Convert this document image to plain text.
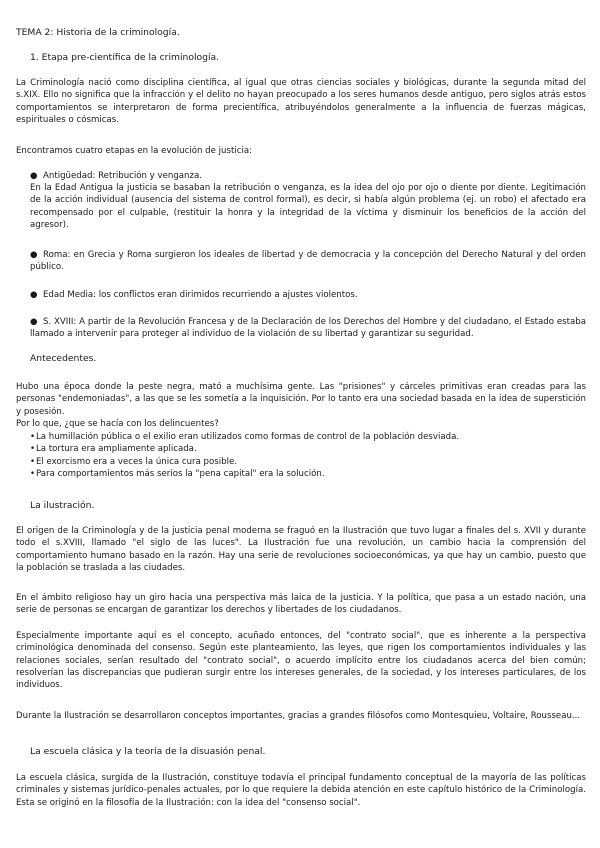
TEMA 2: Historia de la criminología.
1. Etapa pre-científica de la criminología.
La Criminología nació como disciplina científica, al igual que otras ciencias sociales y biológicas, durante la segunda mitad del s.XIX. Ello no significa que la infracción y el delito no hayan preocupado a los seres humanos desde antiguo, pero siglos atrás estos comportamientos se interpretaron de forma precientífica, atribuyéndolos generalmente a la influencia de fuerzas mágicas, espirituales o cósmicas.
Encontramos cuatro etapas en la evolución de justicia:
● Antigüedad: Retribución y venganza.
En la Edad Antigua la justicia se basaban la retribución o venganza, es la idea del ojo por ojo o diente por diente. Legitimación de la acción individual (ausencia del sistema de control formal), es decir, si había algún problema (ej. un robo) el afectado era recompensado por el culpable, (restituir la honra y la integridad de la víctima y disminuir los beneficios de la acción del agresor).
● Roma: en Grecia y Roma surgieron los ideales de libertad y de democracia y la concepción del Derecho Natural y del orden público.
● Edad Media: los conflictos eran dirimidos recurriendo a ajustes violentos.
● S. XVIII: A partir de la Revolución Francesa y de la Declaración de los Derechos del Hombre y del ciudadano, el Estado estaba llamado a intervenir para proteger al individuo de la violación de su libertad y garantizar su seguridad.
Antecedentes.
Hubo una época donde la peste negra, mató a muchísima gente. Las "prisiones" y cárceles primitivas eran creadas para las personas "endemoniadas", a las que se les sometía a la inquisición. Por lo tanto era una sociedad basada en la idea de superstición y posesión.
Por lo que, ¿que se hacía con los delincuentes?
• La humillación pública o el exilio eran utilizados como formas de control de la población desviada.
• La tortura era ampliamente aplicada.
• El exorcismo era a veces la única cura posible.
• Para comportamientos más serios la "pena capital" era la solución.
La ilustración.
El origen de la Criminología y de la justicia penal moderna se fraguó en la Ilustración que tuvo lugar a finales del s. XVII y durante todo el s.XVIII, llamado "el siglo de las luces". La Ilustración fue una revolución, un cambio hacia la comprensión del comportamiento humano basado en la razón. Hay una serie de revoluciones socioeconómicas, ya que hay un cambio, puesto que la población se traslada a las ciudades.
En el ámbito religioso hay un giro hacia una perspectiva más laica de la justicia. Y la política, que pasa a un estado nación, una serie de personas se encargan de garantizar los derechos y libertades de los ciudadanos.
Especialmente importante aquí es el concepto, acuñado entonces, del "contrato social", que es inherente a la perspectiva criminológica denominada del consenso. Según este planteamiento, las leyes, que rigen los comportamientos individuales y las relaciones sociales, serían resultado del "contrato social", o acuerdo implícito entre los ciudadanos acerca del bien común; resolverían las discrepancias que pudieran surgir entre los intereses generales, de la sociedad, y los intereses particulares, de los individuos.
Durante la Ilustración se desarrollaron conceptos importantes, gracias a grandes filósofos como Montesquieu, Voltaire, Rousseau...
La escuela clásica y la teoría de la disuasión penal.
La escuela clásica, surgida de la Ilustración, constituye todavía el principal fundamento conceptual de la mayoría de las políticas criminales y sistemas jurídico-penales actuales, por lo que requiere la debida atención en este capítulo histórico de la Criminología. Esta se originó en la filosofía de la Ilustración: con la idea del "consenso social".
